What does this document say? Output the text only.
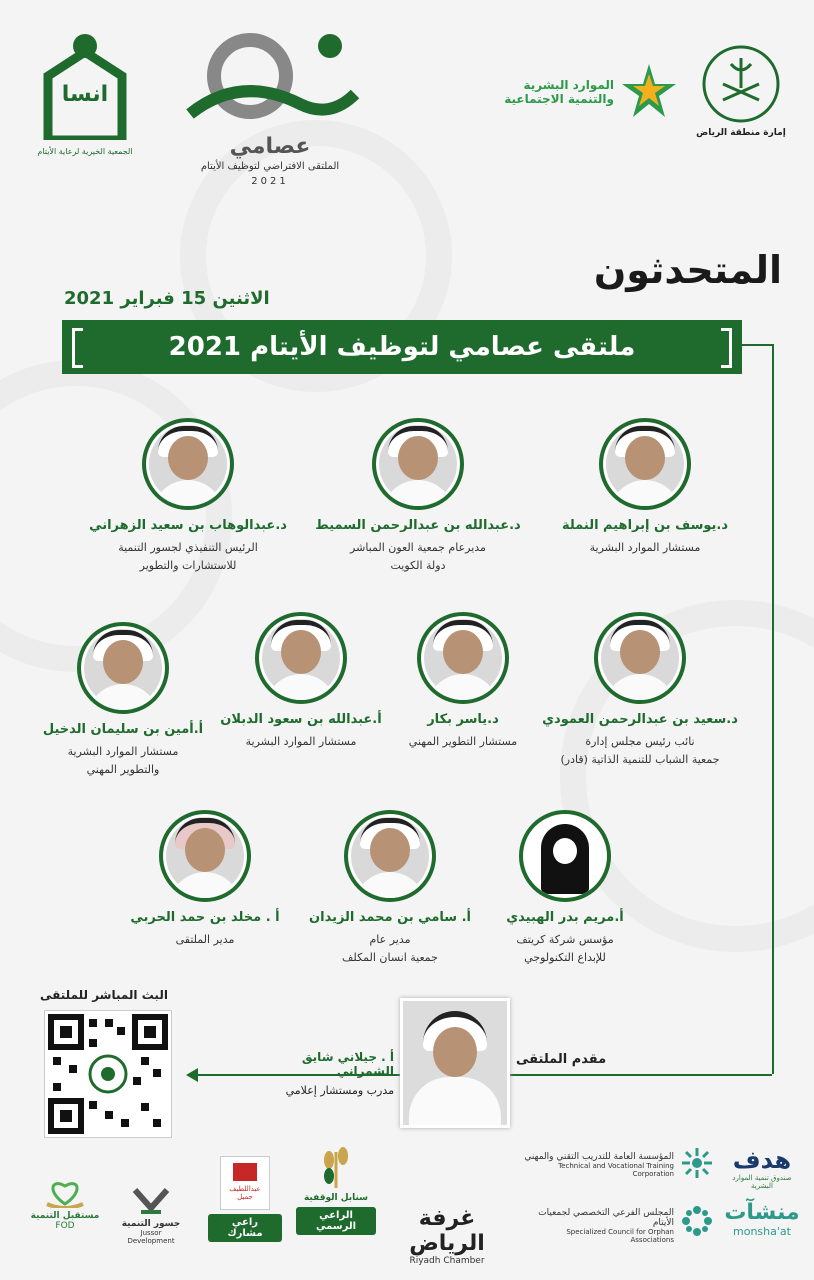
انسا
الجمعية الخيرية لرعاية الأيتام	عصامي
الملتقى الافتراضي لتوظيف الأيتام
2021
الموارد البشرية
والتنمية الاجتماعية
إمارة منطقة الرياض
المتحدثون
الاثنين 15 فبراير 2021
ملتقى عصامي لتوظيف الأيتام 2021
د.يوسف بن إبراهيم النملة
مستشار الموارد البشرية
د.عبدالله بن عبدالرحمن السميط
مديرعام جمعية العون المباشر
دولة الكويت
د.عبدالوهاب بن سعيد الزهراني
الرئيس التنفيذي لجسور التنمية
للاستشارات والتطوير
د.سعيد بن عبدالرحمن العمودي
نائب رئيس مجلس إدارة
جمعية الشباب للتنمية الذاتية (قادر)
د.ياسر بكار
مستشار التطوير المهني
أ.عبدالله بن سعود الدبلان
مستشار الموارد البشرية
أ.أمين بن سليمان الدخيل
مستشار الموارد البشرية
والتطوير المهني
أ.مريم بدر الهبيدي
مؤسس شركة كريتف
للإبداع التكنولوجي
أ. سامي بن محمد الزيدان
مدير عام
جمعية انسان المكلف
أ . مخلد بن حمد الحربي
مدير الملتقى
البث المباشر للملتقى
مقدم الملتقى
أ . جيلاني شايق الشمراني
مدرب ومستشار إعلامي
مستقبل التنمية
FOD	جسور التنمية
Jussor Development
عبداللطيف جميل
راعي مشارك
سنابل الوقفية
الراعي الرسمي	غرفة الرياض
Riyadh Chamber
المؤسسة العامة للتدريب التقني والمهني
Technical and Vocational Training Corporation
المجلس الفرعي التخصصي لجمعيات الأيتام
Specialized Council for Orphan Associations
هدف
صندوق تنمية الموارد البشرية
منشآت
monsha'at
